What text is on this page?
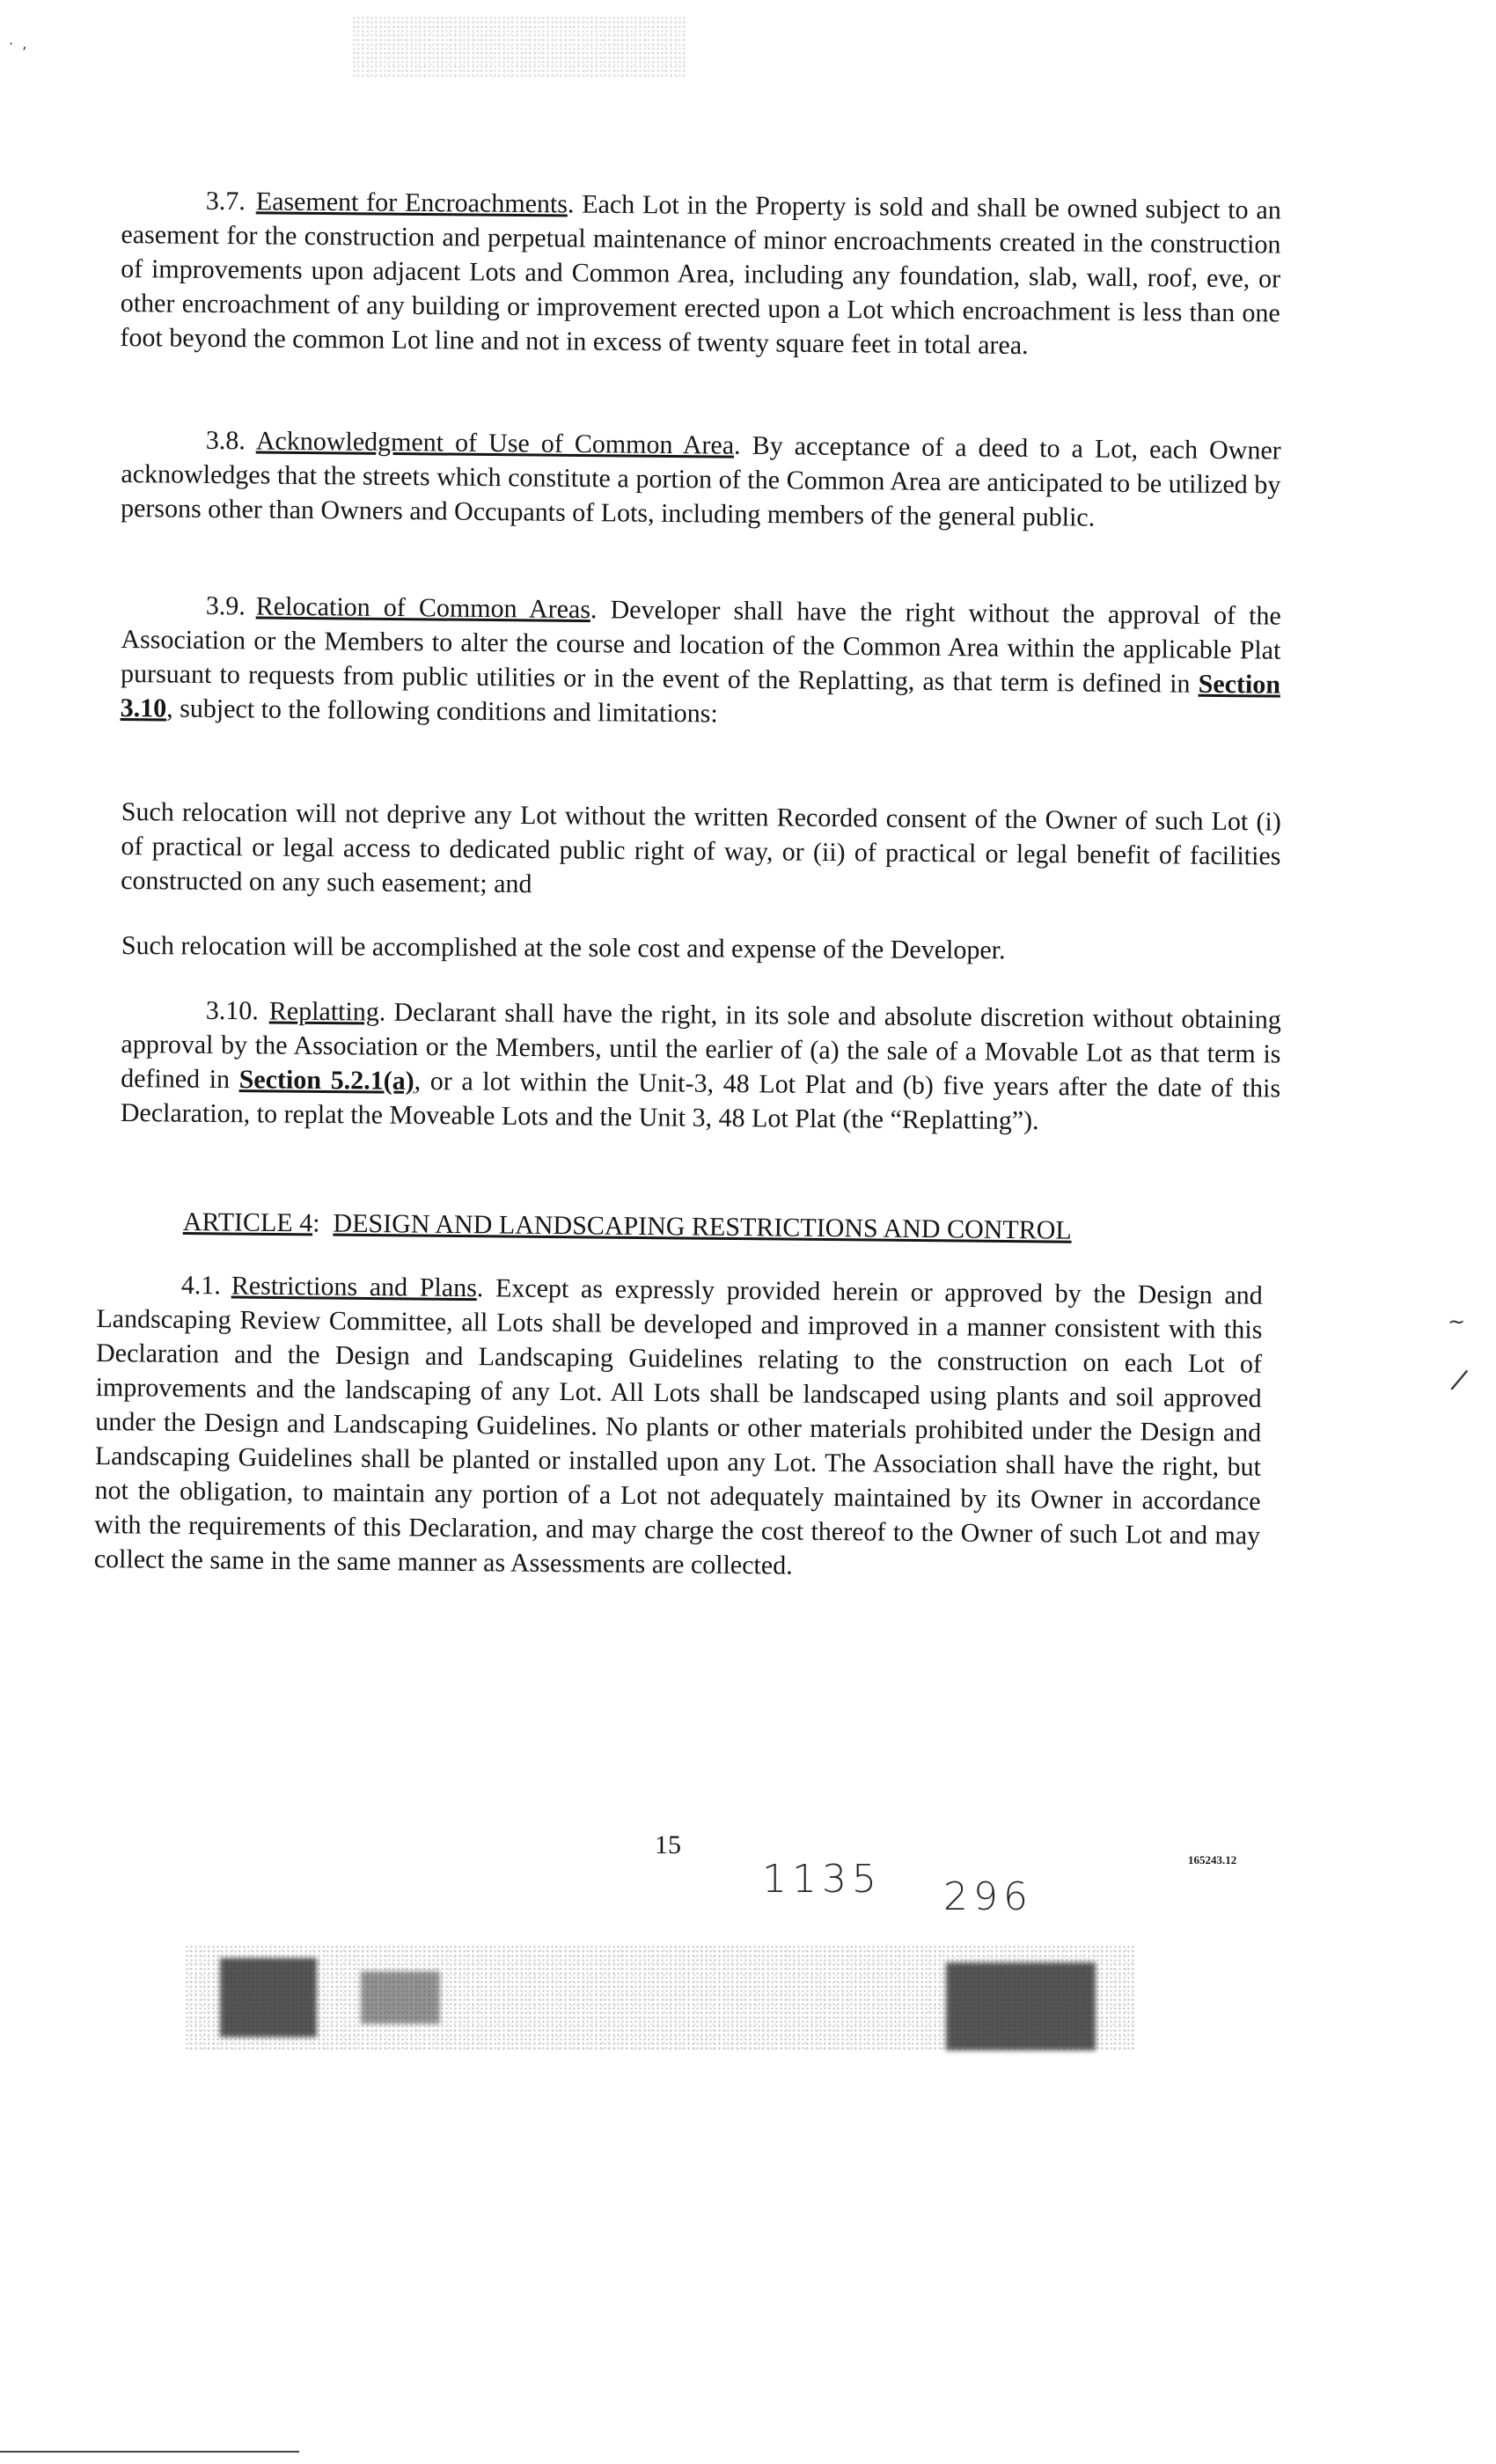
·  ,

3.7. Easement for Encroachments. Each Lot in the Property is sold and shall be owned subject to an easement for the construction and perpetual maintenance of minor encroachments created in the construction of improvements upon adjacent Lots and Common Area, including any foundation, slab, wall, roof, eve, or other encroachment of any building or improvement erected upon a Lot which encroachment is less than one foot beyond the common Lot line and not in excess of twenty square feet in total area.

3.8. Acknowledgment of Use of Common Area. By acceptance of a deed to a Lot, each Owner acknowledges that the streets which constitute a portion of the Common Area are anticipated to be utilized by persons other than Owners and Occupants of Lots, including members of the general public.

3.9. Relocation of Common Areas. Developer shall have the right without the approval of the Association or the Members to alter the course and location of the Common Area within the applicable Plat pursuant to requests from public utilities or in the event of the Replatting, as that term is defined in Section 3.10, subject to the following conditions and limitations:

Such relocation will not deprive any Lot without the written Recorded consent of the Owner of such Lot (i) of practical or legal access to dedicated public right of way, or (ii) of practical or legal benefit of facilities constructed on any such easement; and

Such relocation will be accomplished at the sole cost and expense of the Developer.

3.10. Replatting. Declarant shall have the right, in its sole and absolute discretion without obtaining approval by the Association or the Members, until the earlier of (a) the sale of a Movable Lot as that term is defined in Section 5.2.1(a), or a lot within the Unit-3, 48 Lot Plat and (b) five years after the date of this Declaration, to replat the Moveable Lots and the Unit 3, 48 Lot Plat (the “Replatting”).

ARTICLE 4: DESIGN AND LANDSCAPING RESTRICTIONS AND CONTROL

4.1. Restrictions and Plans. Except as expressly provided herein or approved by the Design and Landscaping Review Committee, all Lots shall be developed and improved in a manner consistent with this Declaration and the Design and Landscaping Guidelines relating to the construction on each Lot of improvements and the landscaping of any Lot. All Lots shall be landscaped using plants and soil approved under the Design and Landscaping Guidelines. No plants or other materials prohibited under the Design and Landscaping Guidelines shall be planted or installed upon any Lot. The Association shall have the right, but not the obligation, to maintain any portion of a Lot not adequately maintained by its Owner in accordance with the requirements of this Declaration, and may charge the cost thereof to the Owner of such Lot and may collect the same in the same manner as Assessments are collected.

~
|
15
165243.12
1135 296
